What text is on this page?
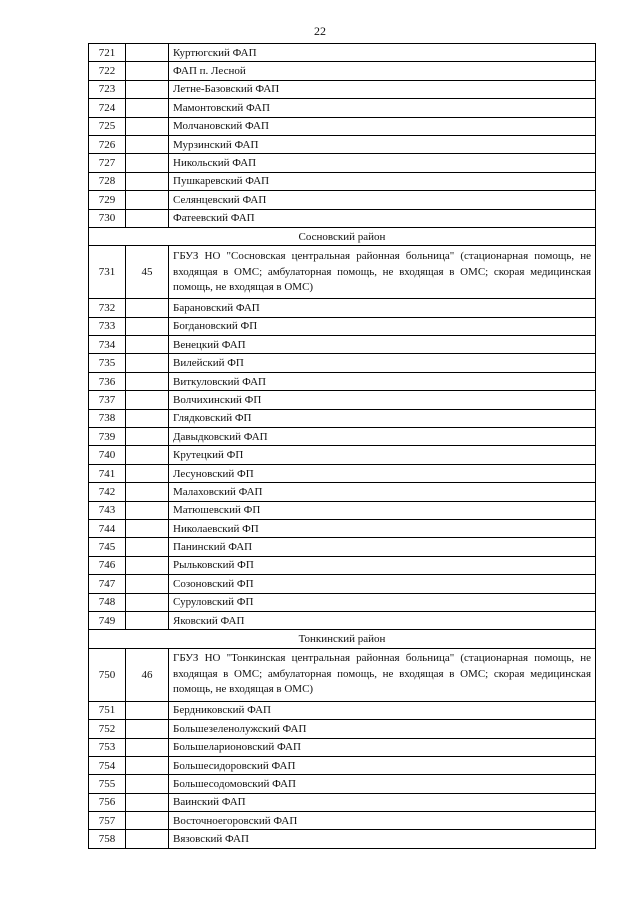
22
721		Куртюгский ФАП
722		ФАП п. Лесной
723		Летне-Базовский ФАП
724		Мамонтовский ФАП
725		Молчановский ФАП
726		Мурзинский ФАП
727		Никольский ФАП
728		Пушкаревский ФАП
729		Селянцевский ФАП
730		Фатеевский ФАП
Сосновский район		
731	45	ГБУЗ НО "Сосновская центральная районная больница" (стационарная помощь, не входящая в ОМС; амбулаторная помощь, не входящая в ОМС; скорая медицинская помощь, не входящая в ОМС)
732		Барановский ФАП
733		Богдановский ФП
734		Венецкий ФАП
735		Вилейский ФП
736		Виткуловский ФАП
737		Волчихинский ФП
738		Глядковский ФП
739		Давыдковский ФАП
740		Крутецкий ФП
741		Лесуновский ФП
742		Малаховский ФАП
743		Матюшевский ФП
744		Николаевский ФП
745		Панинский ФАП
746		Рыльковский ФП
747		Созоновский ФП
748		Суруловский ФП
749		Яковский ФАП
Тонкинский район		
750	46	ГБУЗ НО "Тонкинская центральная районная больница" (стационарная помощь, не входящая в ОМС; амбулаторная помощь, не входящая в ОМС; скорая медицинская помощь, не входящая в ОМС)
751		Бердниковский ФАП
752		Большезеленолужский ФАП
753		Большеларионовский ФАП
754		Большесидоровский ФАП
755		Большесодомовский ФАП
756		Ваинский ФАП
757		Восточноегоровский ФАП
758		Вязовский ФАП
